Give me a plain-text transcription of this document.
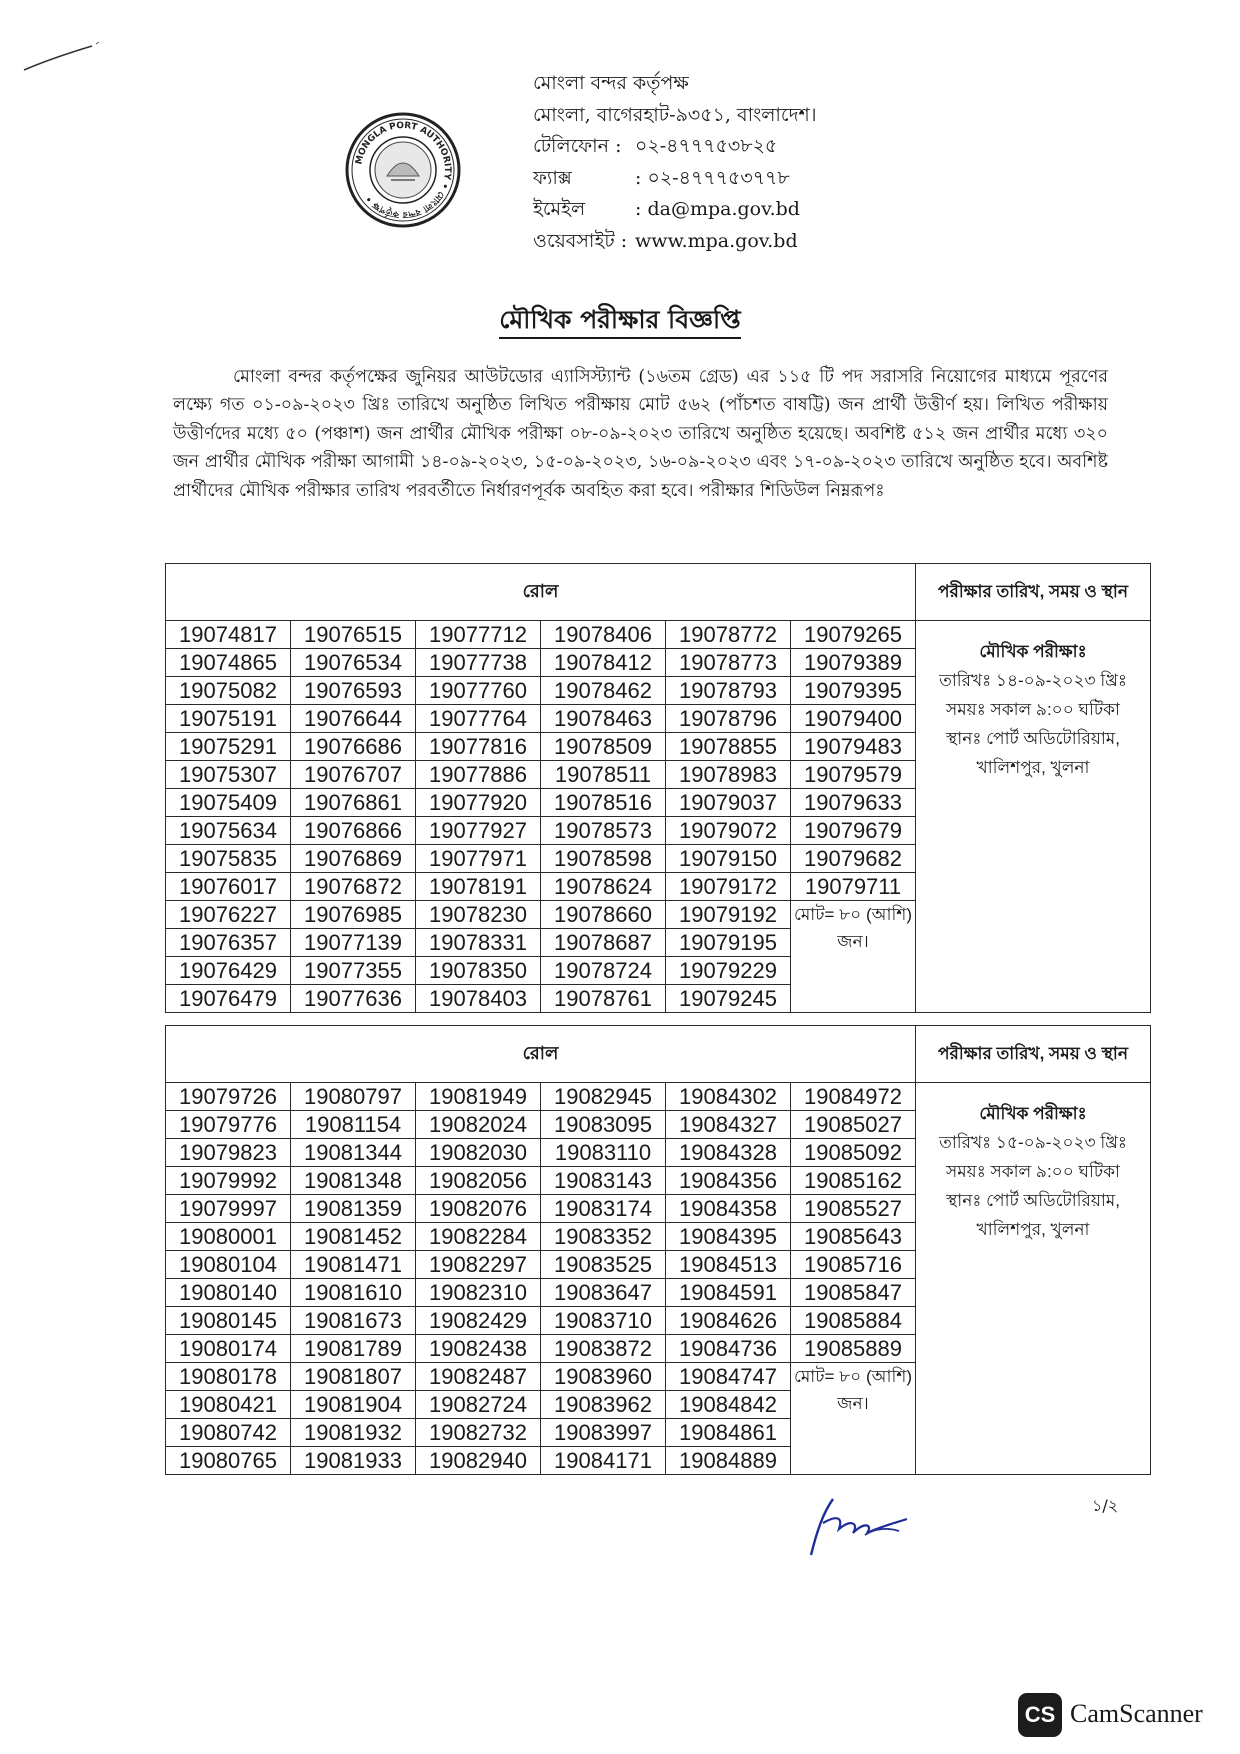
MONGLA PORT AUTHORITY • মোংলা বন্দর কর্তৃপক্ষ •
মোংলা বন্দর কর্তৃপক্ষ
মোংলা, বাগেরহাট-৯৩৫১, বাংলাদেশ।
টেলিফোন : ০২-৪৭৭৭৫৩৮২৫
ফ্যাক্স	: ০২-৪৭৭৭৫৩৭৭৮
ইমেইল	: da@mpa.gov.bd
ওয়েবসাইট : www.mpa.gov.bd
মৌখিক পরীক্ষার বিজ্ঞপ্তি
মোংলা বন্দর কর্তৃপক্ষের জুনিয়র আউটডোর এ্যাসিস্ট্যান্ট (১৬তম গ্রেড) এর ১১৫ টি পদ সরাসরি নিয়োগের মাধ্যমে পূরণের লক্ষ্যে গত ০১-০৯-২০২৩ খ্রিঃ তারিখে অনুষ্ঠিত লিখিত পরীক্ষায় মোট ৫৬২ (পাঁচশত বাষট্টি) জন প্রার্থী উত্তীর্ণ হয়। লিখিত পরীক্ষায় উত্তীর্ণদের মধ্যে ৫০ (পঞ্চাশ) জন প্রার্থীর মৌখিক পরীক্ষা ০৮-০৯-২০২৩ তারিখে অনুষ্ঠিত হয়েছে। অবশিষ্ট ৫১২ জন প্রার্থীর মধ্যে ৩২০ জন প্রার্থীর মৌখিক পরীক্ষা আগামী ১৪-০৯-২০২৩, ১৫-০৯-২০২৩, ১৬-০৯-২০২৩ এবং ১৭-০৯-২০২৩ তারিখে অনুষ্ঠিত হবে। অবশিষ্ট প্রার্থীদের মৌখিক পরীক্ষার তারিখ পরবর্তীতে নির্ধারণপূর্বক অবহিত করা হবে। পরীক্ষার শিডিউল নিম্নরূপঃ
রোল						পরীক্ষার তারিখ, সময় ও স্থান
19074817	19076515	19077712	19078406	19078772	19079265	মৌখিক পরীক্ষাঃ
তারিখঃ ১৪-০৯-২০২৩ খ্রিঃ
সময়ঃ সকাল ৯:০০ ঘটিকা
স্থানঃ পোর্ট অডিটোরিয়াম, খালিশপুর, খুলনা

19074865	19076534	19077738	19078412	19078773	19079389	
19075082	19076593	19077760	19078462	19078793	19079395	
19075191	19076644	19077764	19078463	19078796	19079400	
19075291	19076686	19077816	19078509	19078855	19079483	
19075307	19076707	19077886	19078511	19078983	19079579	
19075409	19076861	19077920	19078516	19079037	19079633	
19075634	19076866	19077927	19078573	19079072	19079679	
19075835	19076869	19077971	19078598	19079150	19079682	
19076017	19076872	19078191	19078624	19079172	19079711	
19076227	19076985	19078230	19078660	19079192	মোট= ৮০ (আশি) জন।	
19076357	19077139	19078331	19078687	19079195		
19076429	19077355	19078350	19078724	19079229		
19076479	19077636	19078403	19078761	19079245		
রোল						পরীক্ষার তারিখ, সময় ও স্থান
19079726	19080797	19081949	19082945	19084302	19084972	মৌখিক পরীক্ষাঃ
তারিখঃ ১৫-০৯-২০২৩ খ্রিঃ
সময়ঃ সকাল ৯:০০ ঘটিকা
স্থানঃ পোর্ট অডিটোরিয়াম, খালিশপুর, খুলনা

19079776	19081154	19082024	19083095	19084327	19085027	
19079823	19081344	19082030	19083110	19084328	19085092	
19079992	19081348	19082056	19083143	19084356	19085162	
19079997	19081359	19082076	19083174	19084358	19085527	
19080001	19081452	19082284	19083352	19084395	19085643	
19080104	19081471	19082297	19083525	19084513	19085716	
19080140	19081610	19082310	19083647	19084591	19085847	
19080145	19081673	19082429	19083710	19084626	19085884	
19080174	19081789	19082438	19083872	19084736	19085889	
19080178	19081807	19082487	19083960	19084747	মোট= ৮০ (আশি) জন।	
19080421	19081904	19082724	19083962	19084842		
19080742	19081932	19082732	19083997	19084861		
19080765	19081933	19082940	19084171	19084889		
১/২
CS CamScanner
